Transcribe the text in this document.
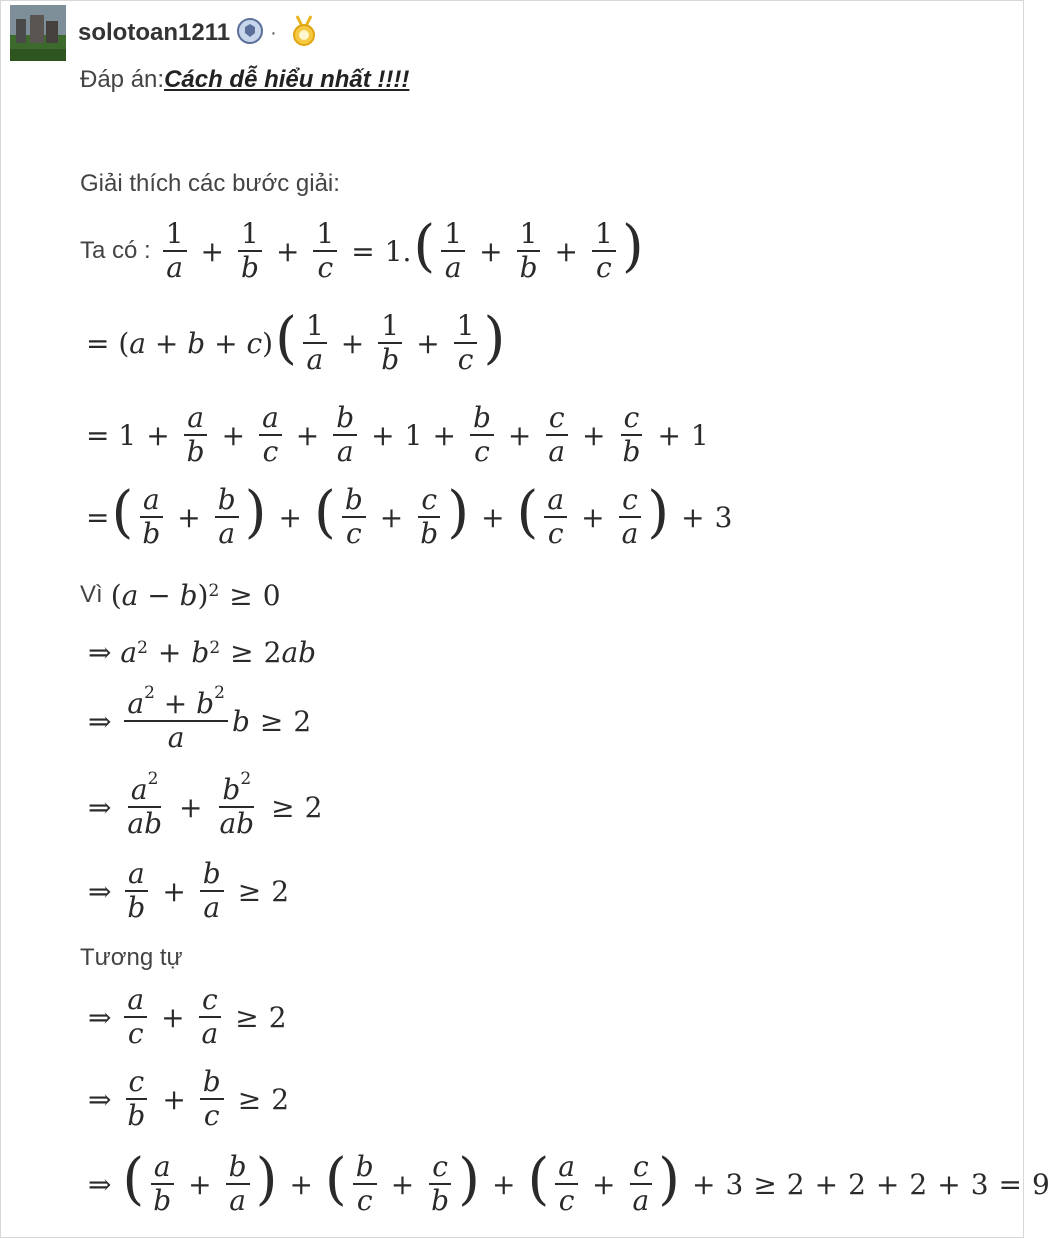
solotoan1211 ·
Đáp án:Cách dễ hiểu nhất !!!!
Giải thích các bước giải:
Ta có : $\frac{1}{a} + \frac{1}{b} + \frac{1}{c} = 1$. ( $\frac{1}{a} + \frac{1}{b} + \frac{1}{c}$ )
= ( a + b + c ) ( $\frac{1}{a} + \frac{1}{b} + \frac{1}{c}$ )
= $1 + \frac{a}{b} + \frac{a}{c} + \frac{b}{a} + 1 + \frac{b}{c} + \frac{c}{a} + \frac{c}{b} + 1$
= ( $\frac{a}{b} + \frac{b}{a}$ ) + ( $\frac{b}{c} + \frac{c}{b}$ ) + ( $\frac{a}{c} + \frac{c}{a}$ ) + 3
Vì ( a − b )$^2$ ≥ 0
⇒ $a^2 + b^2 \ge 2$ ab
⇒ $\frac{a^2 + b^2}{a}$ b ≥ 2
⇒ $\frac{a^2}{ab} + \frac{b^2}{ab} \ge 2$
⇒ $\frac{a}{b} + \frac{b}{a} \ge 2$
Tương tự
⇒ $\frac{a}{c} + \frac{c}{a} \ge 2$
⇒ $\frac{c}{b} + \frac{b}{c} \ge 2$
⇒ ( $\frac{a}{b} + \frac{b}{a}$ ) + ( $\frac{b}{c} + \frac{c}{b}$ ) + ( $\frac{a}{c} + \frac{c}{a}$ ) + 3 ≥ 2 + 2 + 2 + 3 = 9
